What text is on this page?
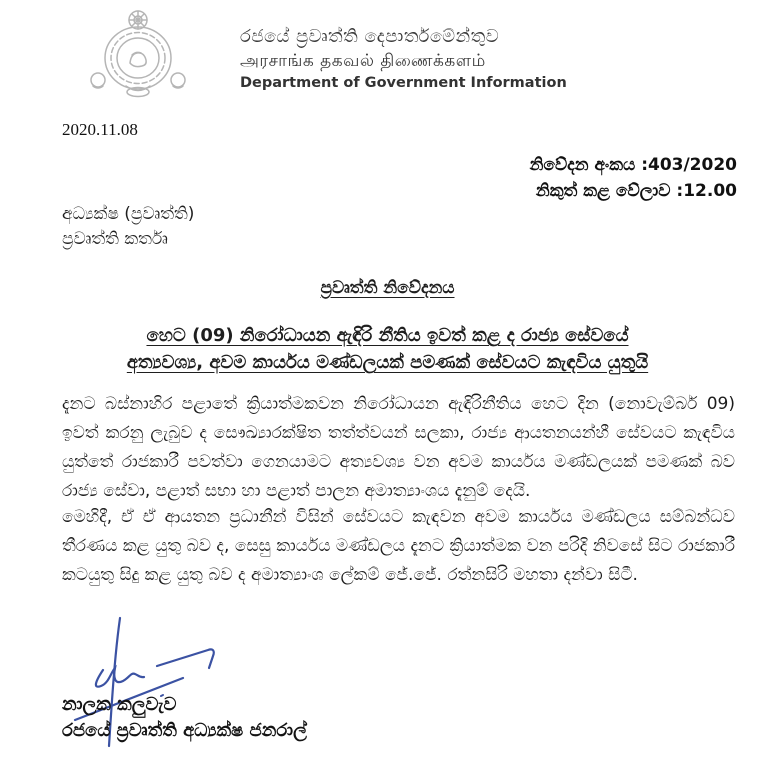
රජයේ ප්‍රවෘත්ති දෙපාර්තමේන්තුව
அரசாங்க தகவல் திணைக்களம்
Department of Government Information
2020.11.08
නිවේදන අංකය :403/2020
නිකුත් කළ වේලාව :12.00
අධ්‍යක්ෂ (ප්‍රවෘත්ති)
ප්‍රවෘත්ති කර්තෘ
ප්‍රවෘත්ති නිවේදනය
හෙට (09) නිරෝධායන ඇඳිරි නීතිය ඉවත් කළ ද රාජ්‍ය සේවයේ
අත්‍යවශ්‍ය, අවම කාර්යය මණ්ඩලයක් පමණක් සේවයට කැඳවිය යුතුයි

දැනට බස්නාහිර පළාතේ ක්‍රියාත්මකවන නිරෝධායන ඇඳිරිනීතිය හෙට දින (නොවැම්බර් 09) ඉවත් කරනු ලැබුව ද සෞඛ්‍යාරක්ෂිත තත්ත්වයන් සලකා, රාජ්‍ය ආයතනයන්හී සේවයට කැඳවිය යුත්තේ රාජකාරී පවත්වා ගෙනයාමට අත්‍යවශ්‍ය වන අවම කාර්යය මණ්ඩලයක් පමණක් බව රාජ්‍ය සේවා, පළාත් සභා හා පළාත් පාලන අමාත්‍යාංශය දැනුම් දෙයි.

මෙහිදී, ඒ ඒ ආයතන ප්‍රධානීන් විසින් සේවයට කැඳවන අවම කාර්යය මණ්ඩලය සම්බන්ධව තීරණය කළ යුතු බව ද, සෙසු කාර්යය මණ්ඩලය දැනට ක්‍රියාත්මක වන පරිදි නිවසේ සිට රාජකාරී කටයුතු සිදු කළ යුතු බව ද අමාත්‍යාංශ ලේකම් ජේ.ජේ. රත්නසිරි මහතා දන්වා සිටී.

නාලක කලුවැව
රජයේ ප්‍රවෘත්ති අධ්‍යක්ෂ ජනරාල්
